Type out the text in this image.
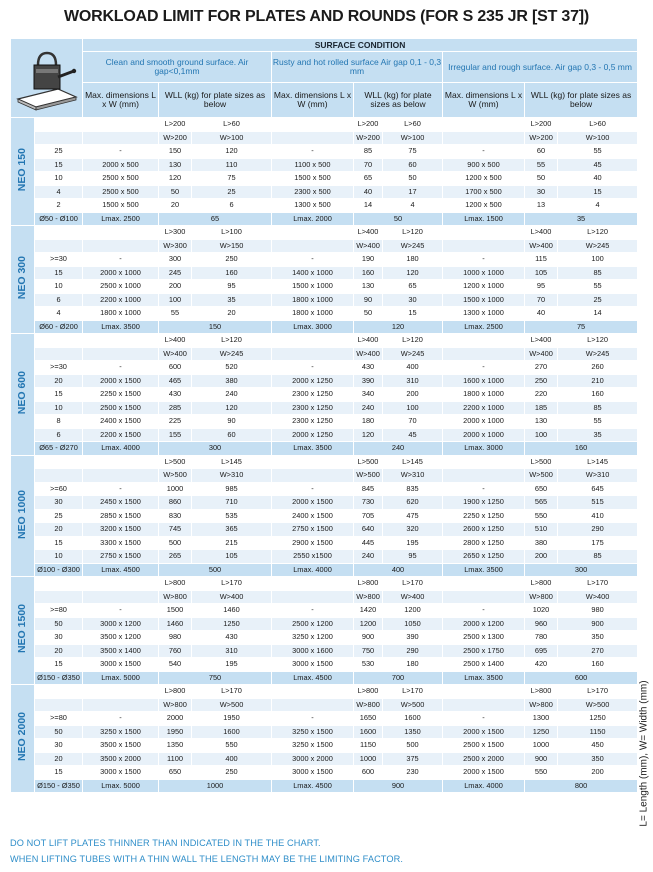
WORKLOAD LIMIT FOR PLATES AND ROUNDS (FOR S 235 JR [ST 37])
	SURFACE CONDITION								
		Clean and smooth ground surface. Air gap<0,1mm			Rusty and hot rolled surface Air gap 0,1 - 0,3 mm			Irregular and rough surface. Air gap 0,3 - 0,5 mm		
		Max. dimensions L x W (mm)	WLL (kg) for plate sizes as below		Max. dimensions L x W (mm)	WLL (kg) for plate sizes as below		Max. dimensions L x W (mm)	WLL (kg) for plate sizes as below	
NEO 150			L>200	L>60		L>200	L>60		L>200	L>60
			W>200	W>100		W>200	W>100		W>200	W>100
	25	-	150	120	-	85	75	-	60	55
	15	2000 x 500	130	110	1100 x 500	70	60	900 x 500	55	45
	10	2500 x 500	120	75	1500 x 500	65	50	1200 x 500	50	40
	4	2500 x 500	50	25	2300 x 500	40	17	1700 x 500	30	15
	2	1500 x 500	20	6	1300 x 500	14	4	1200 x 500	13	4
	Ø50 - Ø100	Lmax. 2500	65		Lmax. 2000	50		Lmax. 1500	35	
NEO 300			L>300	L>100		L>400	L>120		L>400	L>120
			W>300	W>150		W>400	W>245		W>400	W>245
	>=30	-	300	250	-	190	180	-	115	100
	15	2000 x 1000	245	160	1400 x 1000	160	120	1000 x 1000	105	85
	10	2500 x 1000	200	95	1500 x 1000	130	65	1200 x 1000	95	55
	6	2200 x 1000	100	35	1800 x 1000	90	30	1500 x 1000	70	25
	4	1800 x 1000	55	20	1800 x 1000	50	15	1300 x 1000	40	14
	Ø60 - Ø200	Lmax. 3500	150		Lmax. 3000	120		Lmax. 2500	75	
NEO 600			L>400	L>120		L>400	L>120		L>400	L>120
			W>400	W>245		W>400	W>245		W>400	W>245
	>=30	-	600	520	-	430	400	-	270	260
	20	2000 x 1500	465	380	2000 x 1250	390	310	1600 x 1000	250	210
	15	2250 x 1500	430	240	2300 x 1250	340	200	1800 x 1000	220	160
	10	2500 x 1500	285	120	2300 x 1250	240	100	2200 x 1000	185	85
	8	2400 x 1500	225	90	2300 x 1250	180	70	2000 x 1000	130	55
	6	2200 x 1500	155	60	2000 x 1250	120	45	2000 x 1000	100	35
	Ø65 - Ø270	Lmax. 4000	300		Lmax. 3500	240		Lmax. 3000	160	
NEO 1000			L>500	L>145		L>500	L>145		L>500	L>145
			W>500	W>310		W>500	W>310		W>500	W>310
	>=60	-	1000	985	-	845	835	-	650	645
	30	2450 x 1500	860	710	2000 x 1500	730	620	1900 x 1250	565	515
	25	2850 x 1500	830	535	2400 x 1500	705	475	2250 x 1250	550	410
	20	3200 x 1500	745	365	2750 x 1500	640	320	2600 x 1250	510	290
	15	3300 x 1500	500	215	2900 x 1500	445	195	2800 x 1250	380	175
	10	2750 x 1500	265	105	2550 x1500	240	95	2650 x 1250	200	85
	Ø100 - Ø300	Lmax. 4500	500		Lmax. 4000	400		Lmax. 3500	300	
NEO 1500			L>800	L>170		L>800	L>170		L>800	L>170
			W>800	W>400		W>800	W>400		W>800	W>400
	>=80	-	1500	1460	-	1420	1200	-	1020	980
	50	3000 x 1200	1460	1250	2500 x 1200	1200	1050	2000 x 1200	960	900
	30	3500 x 1200	980	430	3250 x 1200	900	390	2500 x 1300	780	350
	20	3500 x 1400	760	310	3000 x 1600	750	290	2500 x 1750	695	270
	15	3000 x 1500	540	195	3000 x 1500	530	180	2500 x 1400	420	160
	Ø150 - Ø350	Lmax. 5000	750		Lmax. 4500	700		Lmax. 3500	600	
NEO 2000			L>800	L>170		L>800	L>170		L>800	L>170
			W>800	W>500		W>800	W>500		W>800	W>500
	>=80	-	2000	1950	-	1650	1600	-	1300	1250
	50	3250 x 1500	1950	1600	3250 x 1500	1600	1350	2000 x 1500	1250	1150
	30	3500 x 1500	1350	550	3250 x 1500	1150	500	2500 x 1500	1000	450
	20	3500 x 2000	1100	400	3000 x 2000	1000	375	2500 x 2000	900	350
	15	3000 x 1500	650	250	3000 x 1500	600	230	2000 x 1500	550	200
	Ø150 - Ø350	Lmax. 5000	1000		Lmax. 4500	900		Lmax. 4000	800	
DO NOT LIFT PLATES THINNER THAN INDICATED IN THE THE CHART.
WHEN LIFTING TUBES WITH A THIN WALL THE LENGTH MAY BE THE LIMITING FACTOR.
L= Length (mm), W= Width (mm)
